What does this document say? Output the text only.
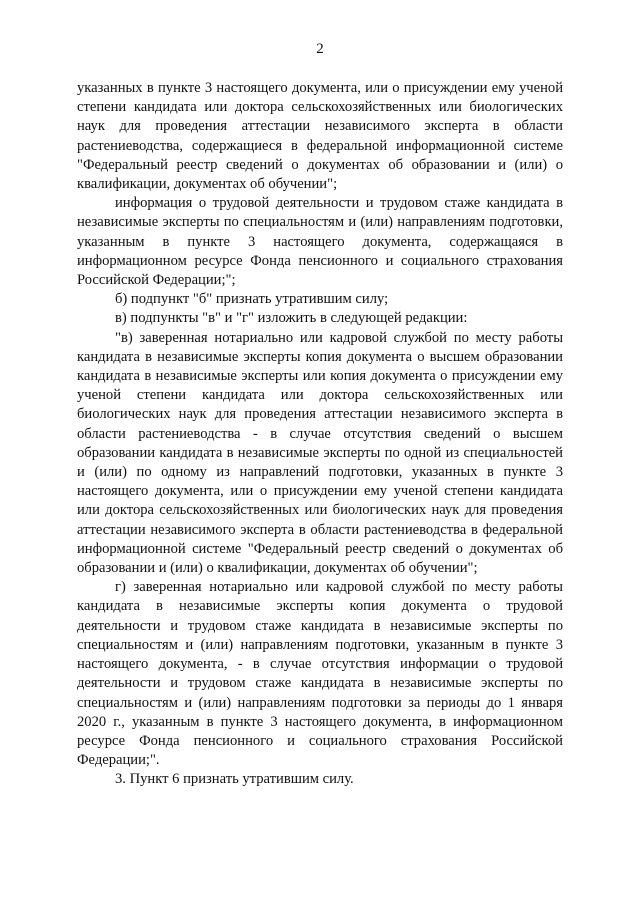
2

указанных в пункте 3 настоящего документа, или о присуждении ему ученой степени кандидата или доктора сельскохозяйственных или биологических наук для проведения аттестации независимого эксперта в области растениеводства, содержащиеся в федеральной информационной системе "Федеральный реестр сведений о документах об образовании и (или) о квалификации, документах об обучении";

информация о трудовой деятельности и трудовом стаже кандидата в независимые эксперты по специальностям и (или) направлениям подготовки, указанным в пункте 3 настоящего документа, содержащаяся в информационном ресурсе Фонда пенсионного и социального страхования Российской Федерации;";

б) подпункт "б" признать утратившим силу;

в) подпункты "в" и "г" изложить в следующей редакции:

"в) заверенная нотариально или кадровой службой по месту работы кандидата в независимые эксперты копия документа о высшем образовании кандидата в независимые эксперты или копия документа о присуждении ему ученой степени кандидата или доктора сельскохозяйственных или биологических наук для проведения аттестации независимого эксперта в области растениеводства - в случае отсутствия сведений о высшем образовании кандидата в независимые эксперты по одной из специальностей и (или) по одному из направлений подготовки, указанных в пункте 3 настоящего документа, или о присуждении ему ученой степени кандидата или доктора сельскохозяйственных или биологических наук для проведения аттестации независимого эксперта в области растениеводства в федеральной информационной системе "Федеральный реестр сведений о документах об образовании и (или) о квалификации, документах об обучении";

г) заверенная нотариально или кадровой службой по месту работы кандидата в независимые эксперты копия документа о трудовой деятельности и трудовом стаже кандидата в независимые эксперты по специальностям и (или) направлениям подготовки, указанным в пункте 3 настоящего документа, - в случае отсутствия информации о трудовой деятельности и трудовом стаже кандидата в независимые эксперты по специальностям и (или) направлениям подготовки за периоды до 1 января 2020 г., указанным в пункте 3 настоящего документа, в информационном ресурсе Фонда пенсионного и социального страхования Российской Федерации;".

3. Пункт 6 признать утратившим силу.
